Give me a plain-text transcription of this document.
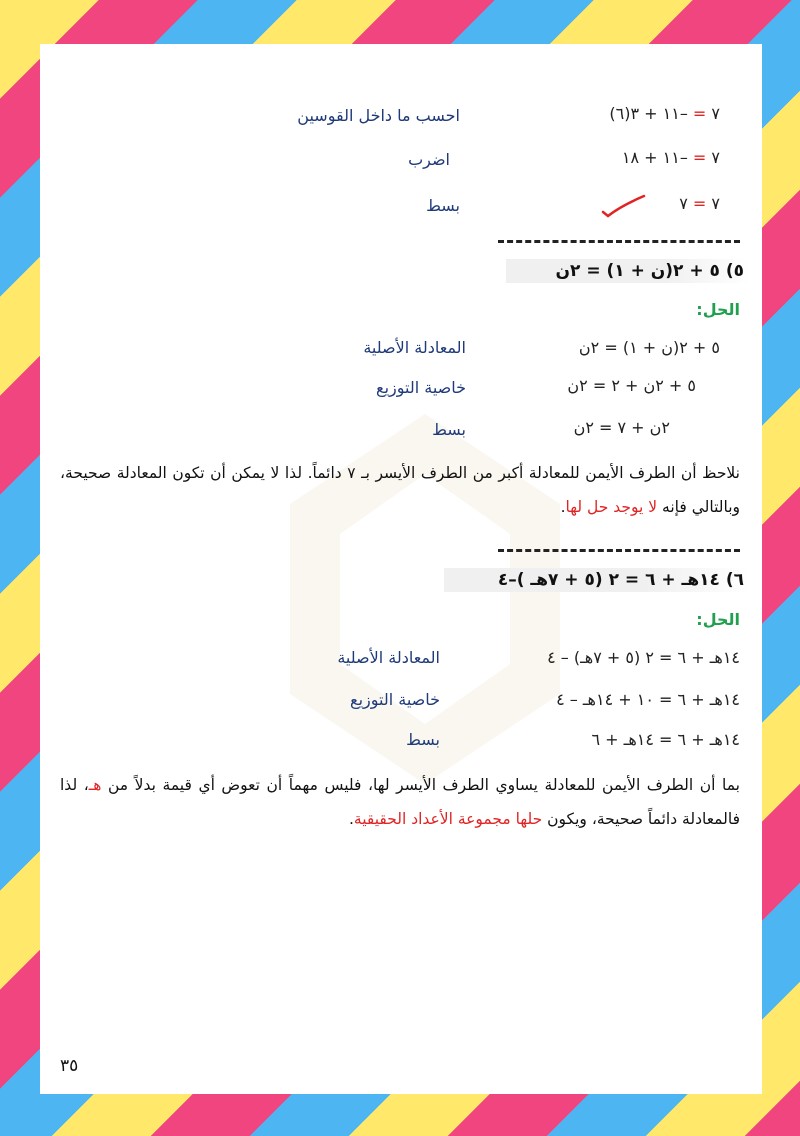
٧ = –١١ + ٣(٦)
احسب ما داخل القوسين
٧ = –١١ + ١٨
اضرب
٧ = ٧
بسط
٥) ٥ + ٢(ن + ١) = ٢ن
الحل:
٥ + ٢(ن + ١) = ٢ن
المعادلة الأصلية
٥ + ٢ن + ٢ = ٢ن
خاصية التوزيع
٢ن + ٧ = ٢ن
بسط
نلاحظ أن الطرف الأيمن للمعادلة أكبر من الطرف الأيسر بـ ٧ دائماً. لذا لا يمكن أن تكون المعادلة صحيحة، وبالتالي فإنه لا يوجد حل لها.
٦) ١٤هـ + ٦ = ٢ (٥ + ٧هـ )–٤
الحل:
١٤هـ + ٦ = ٢ (٥ + ٧هـ) – ٤
المعادلة الأصلية
١٤هـ + ٦ = ١٠ + ١٤هـ – ٤
خاصية التوزيع
١٤هـ + ٦ = ١٤هـ + ٦
بسط
بما أن الطرف الأيمن للمعادلة يساوي الطرف الأيسر لها، فليس مهماً أن تعوض أي قيمة بدلاً من هـ، لذا فالمعادلة دائماً صحيحة، ويكون حلها مجموعة الأعداد الحقيقية.
٣٥
